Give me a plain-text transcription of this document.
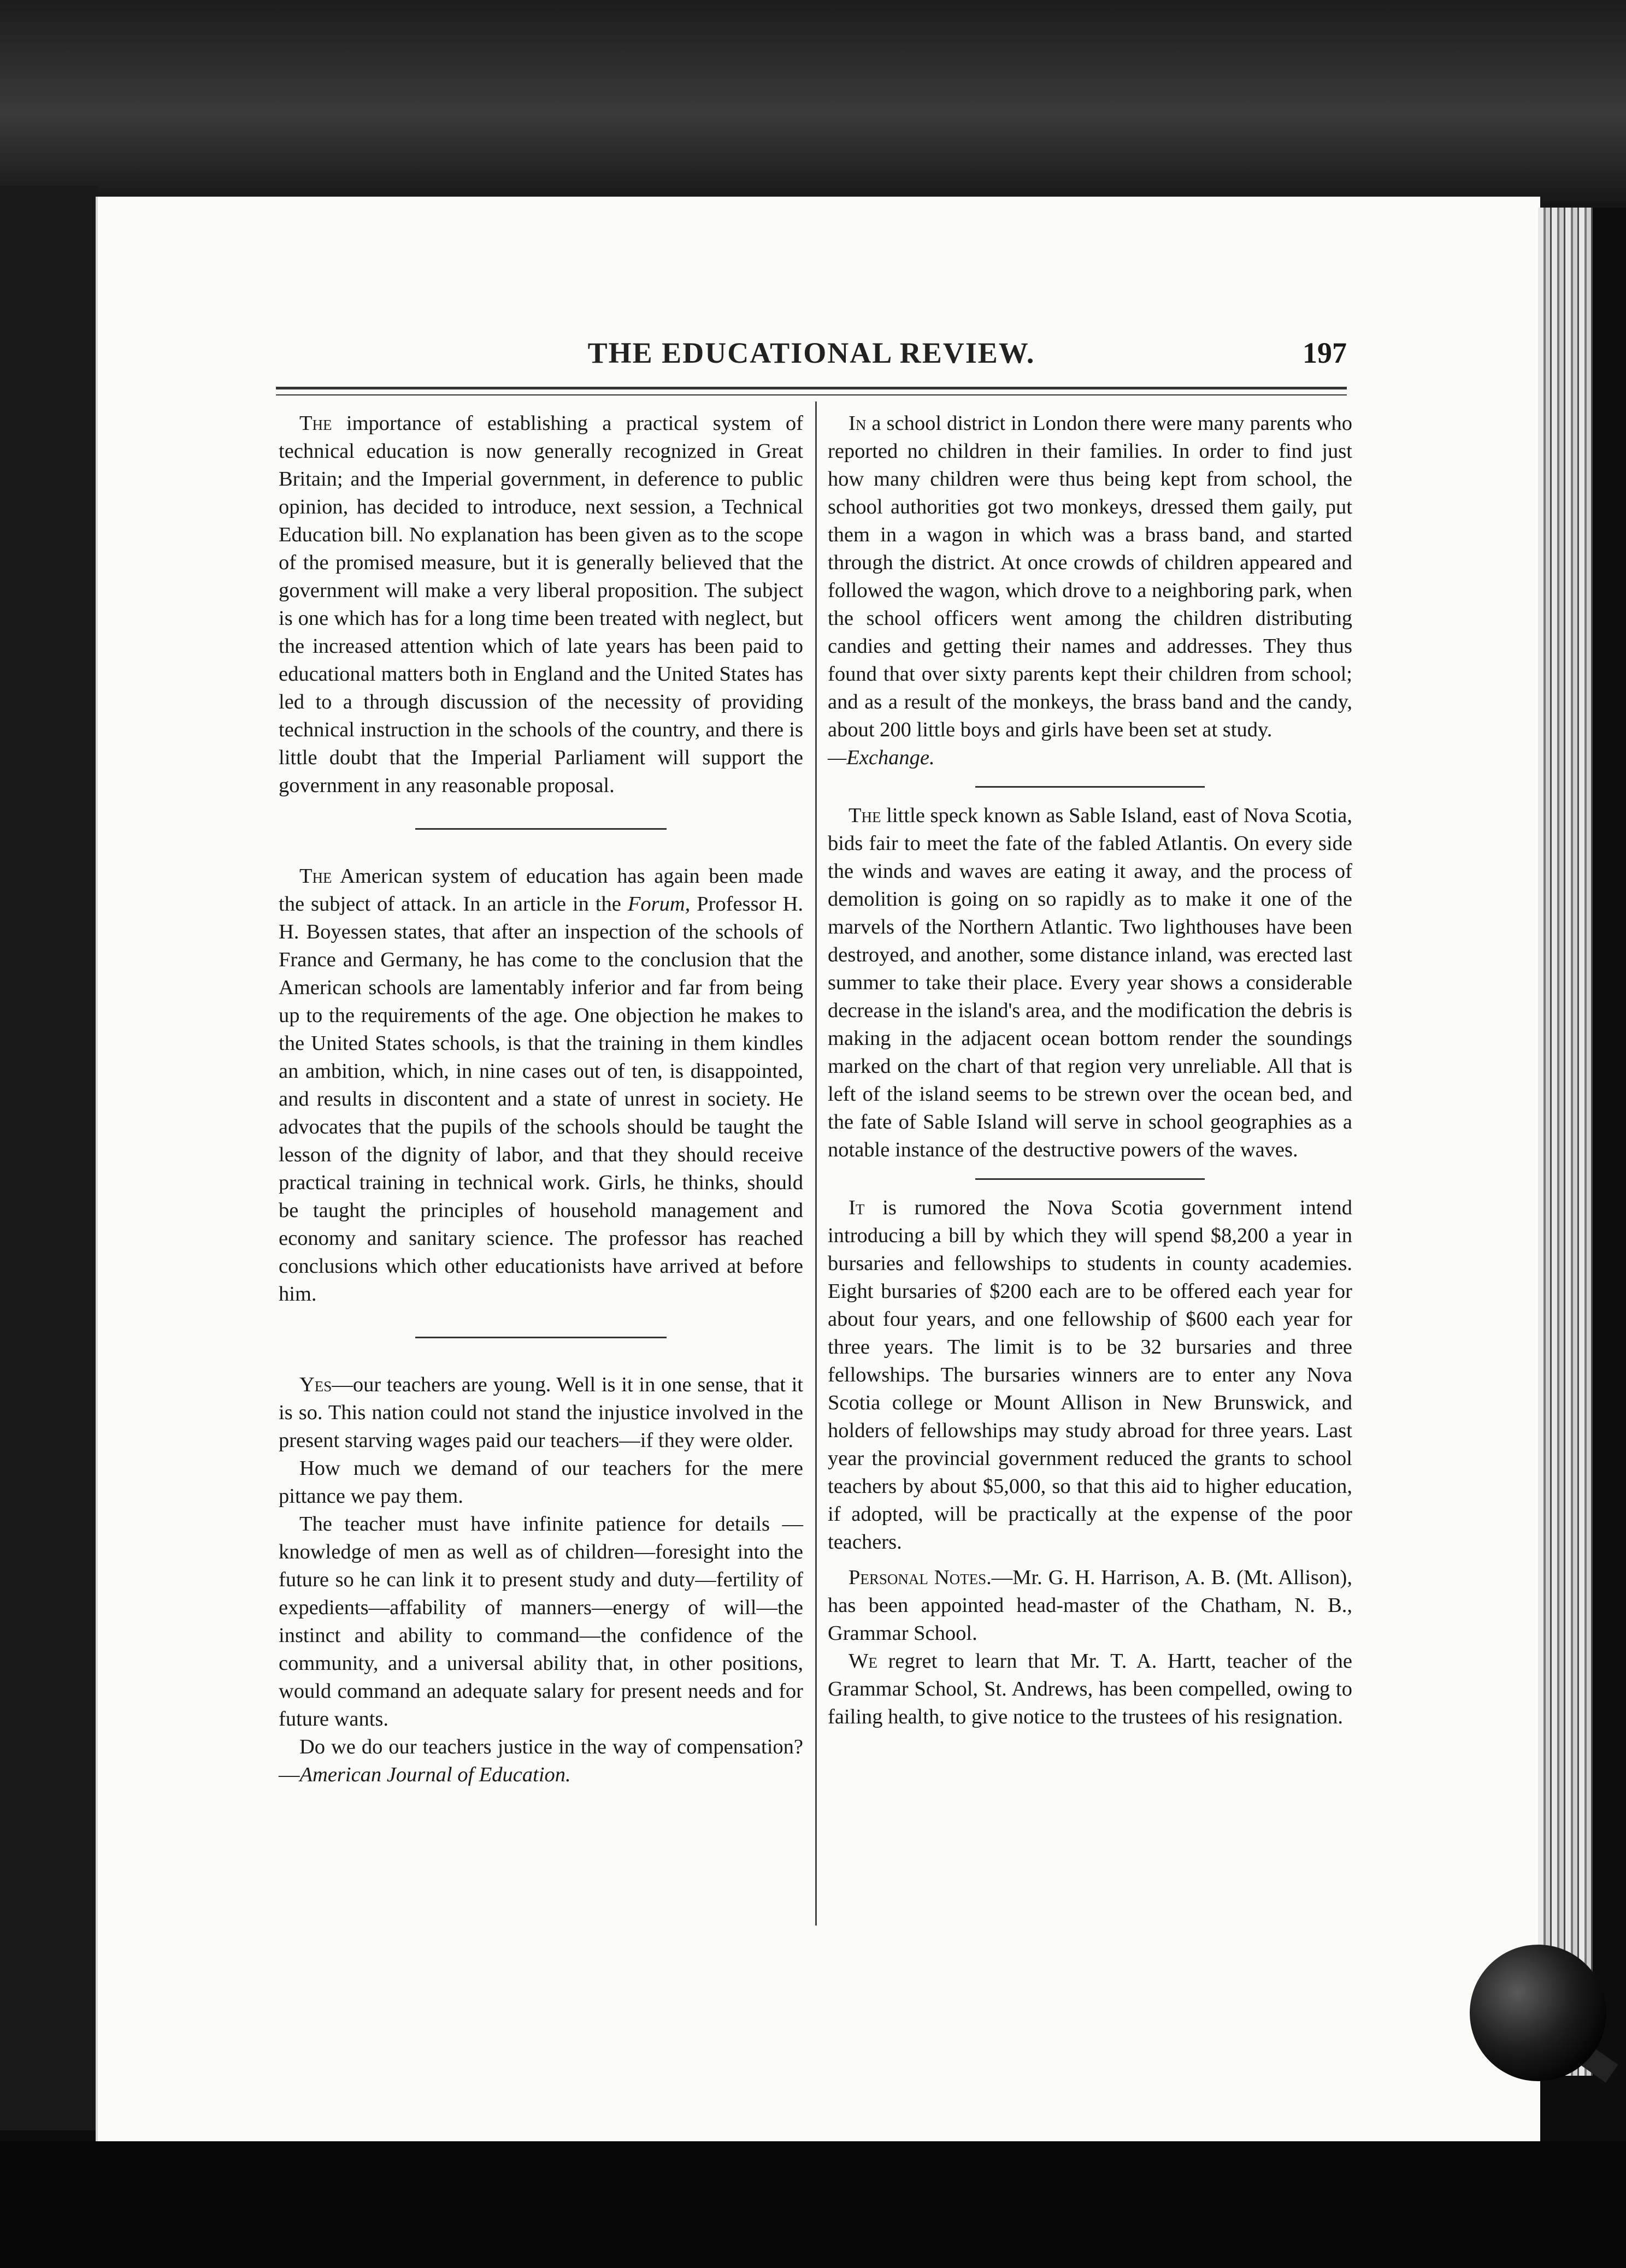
THE EDUCATIONAL REVIEW.	197

The importance of establishing a practical system of technical education is now generally recognized in Great Britain; and the Imperial government, in deference to public opinion, has decided to introduce, next session, a Technical Education bill. No explanation has been given as to the scope of the promised measure, but it is generally believed that the government will make a very liberal proposition. The subject is one which has for a long time been treated with neglect, but the increased attention which of late years has been paid to educational matters both in England and the United States has led to a through discussion of the necessity of providing technical instruction in the schools of the country, and there is little doubt that the Imperial Parliament will support the government in any reasonable proposal.

The American system of education has again been made the subject of attack. In an article in the Forum, Professor H. H. Boyessen states, that after an inspection of the schools of France and Germany, he has come to the conclusion that the American schools are lamentably inferior and far from being up to the requirements of the age. One objection he makes to the United States schools, is that the training in them kindles an ambition, which, in nine cases out of ten, is disappointed, and results in discontent and a state of unrest in society. He advocates that the pupils of the schools should be taught the lesson of the dignity of labor, and that they should receive practical training in technical work. Girls, he thinks, should be taught the principles of household management and economy and sanitary science. The professor has reached conclusions which other educationists have arrived at before him.

Yes—our teachers are young. Well is it in one sense, that it is so. This nation could not stand the injustice involved in the present starving wages paid our teachers—if they were older.

How much we demand of our teachers for the mere pittance we pay them.

The teacher must have infinite patience for details —knowledge of men as well as of children—foresight into the future so he can link it to present study and duty—fertility of expedients—affability of manners—energy of will—the instinct and ability to command—the confidence of the community, and a universal ability that, in other positions, would command an adequate salary for present needs and for future wants.

Do we do our teachers justice in the way of compensation?—American Journal of Education.

In a school district in London there were many parents who reported no children in their families. In order to find just how many children were thus being kept from school, the school authorities got two monkeys, dressed them gaily, put them in a wagon in which was a brass band, and started through the district. At once crowds of children appeared and followed the wagon, which drove to a neighboring park, when the school officers went among the children distributing candies and getting their names and addresses. They thus found that over sixty parents kept their children from school; and as a result of the monkeys, the brass band and the candy, about 200 little boys and girls have been set at study.

—Exchange.

The little speck known as Sable Island, east of Nova Scotia, bids fair to meet the fate of the fabled Atlantis. On every side the winds and waves are eating it away, and the process of demolition is going on so rapidly as to make it one of the marvels of the Northern Atlantic. Two lighthouses have been destroyed, and another, some distance inland, was erected last summer to take their place. Every year shows a considerable decrease in the island's area, and the modification the debris is making in the adjacent ocean bottom render the soundings marked on the chart of that region very unreliable. All that is left of the island seems to be strewn over the ocean bed, and the fate of Sable Island will serve in school geographies as a notable instance of the destructive powers of the waves.

It is rumored the Nova Scotia government intend introducing a bill by which they will spend $8,200 a year in bursaries and fellowships to students in county academies. Eight bursaries of $200 each are to be offered each year for about four years, and one fellowship of $600 each year for three years. The limit is to be 32 bursaries and three fellowships. The bursaries winners are to enter any Nova Scotia college or Mount Allison in New Brunswick, and holders of fellowships may study abroad for three years. Last year the provincial government reduced the grants to school teachers by about $5,000, so that this aid to higher education, if adopted, will be practically at the expense of the poor teachers.

Personal Notes.—Mr. G. H. Harrison, A. B. (Mt. Allison), has been appointed head-master of the Chatham, N. B., Grammar School.

We regret to learn that Mr. T. A. Hartt, teacher of the Grammar School, St. Andrews, has been compelled, owing to failing health, to give notice to the trustees of his resignation.
